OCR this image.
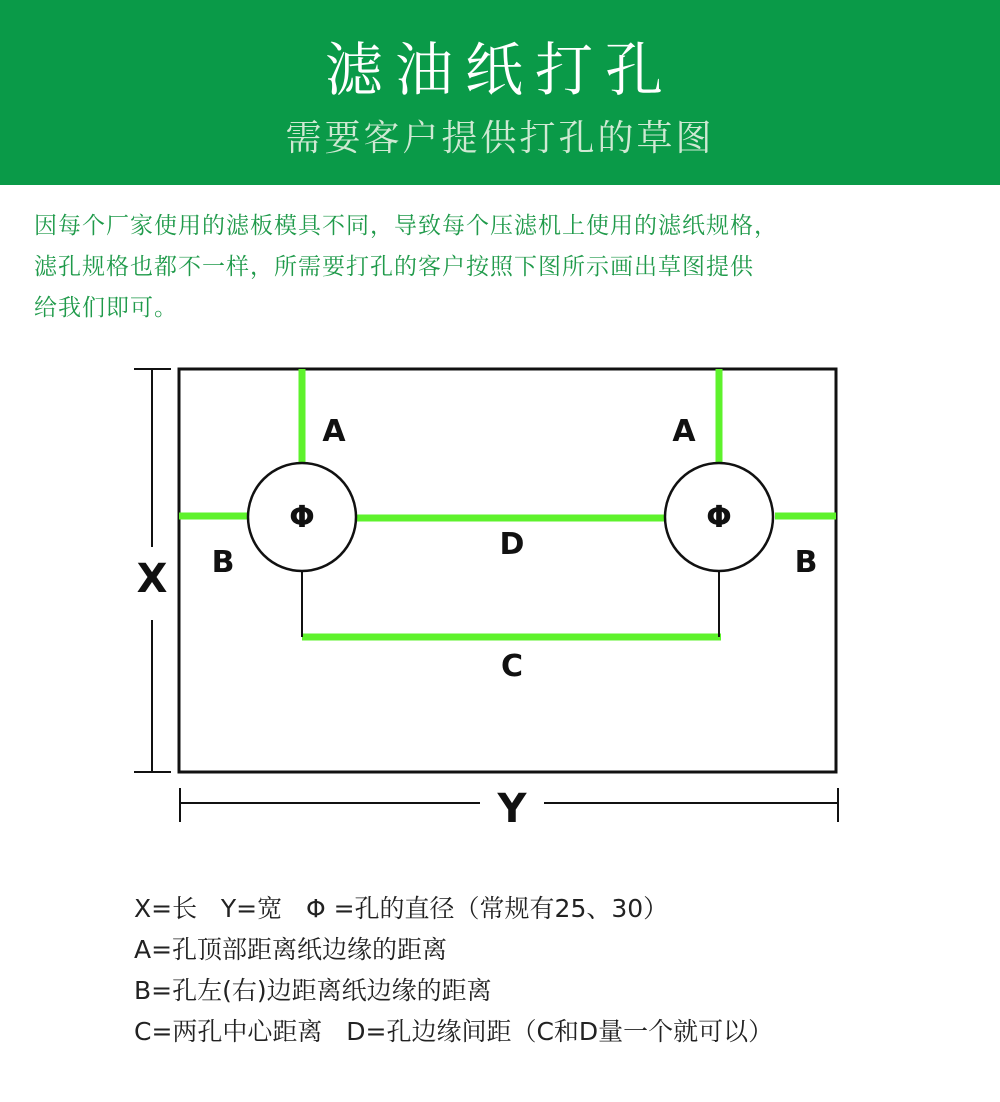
滤油纸打孔
需要客户提供打孔的草图

因每个厂家使用的滤板模具不同，导致每个压滤机上使用的滤纸规格，

滤孔规格也都不一样，所需要打孔的客户按照下图所示画出草图提供

给我们即可。

A	A
B	B
Φ	Φ
D
C
X
Y

X=长   Y=宽   Φ =孔的直径（常规有25、30）

A=孔顶部距离纸边缘的距离

B=孔左(右)边距离纸边缘的距离

C=两孔中心距离   D=孔边缘间距（C和D量一个就可以）
